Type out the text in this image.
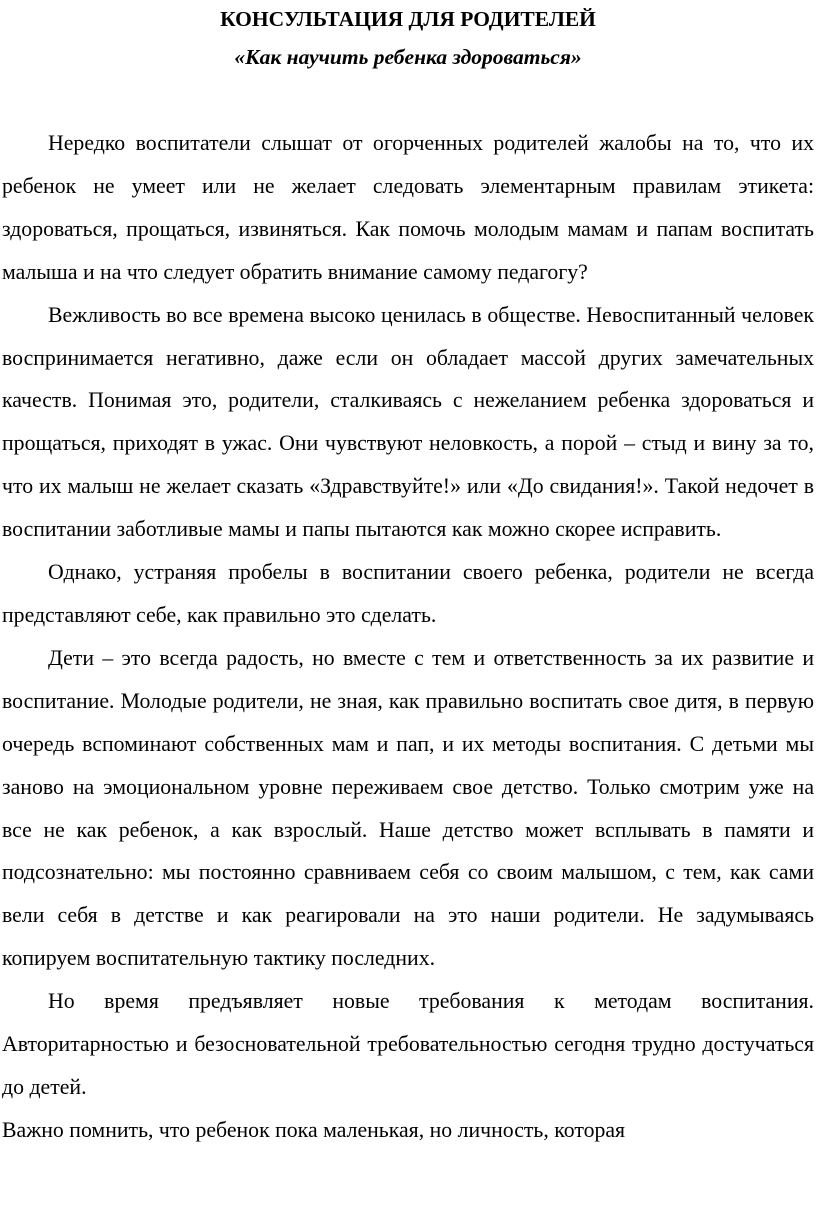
КОНСУЛЬТАЦИЯ ДЛЯ РОДИТЕЛЕЙ
«Как научить ребенка здороваться»

Нередко воспитатели слышат от огорченных родителей жалобы на то, что их ребенок не умеет или не желает следовать элементарным правилам этикета: здороваться, прощаться, извиняться. Как помочь молодым мамам и папам воспитать малыша и на что следует обратить внимание самому педагогу?

Вежливость во все времена высоко ценилась в обществе. Невоспитанный человек воспринимается негативно, даже если он обладает массой других замечательных качеств. Понимая это, родители, сталкиваясь с нежеланием ребенка здороваться и прощаться, приходят в ужас. Они чувствуют неловкость, а порой – стыд и вину за то, что их малыш не желает сказать «Здравствуйте!» или «До свидания!». Такой недочет в воспитании заботливые мамы и папы пытаются как можно скорее исправить.

Однако, устраняя пробелы в воспитании своего ребенка, родители не всегда представляют себе, как правильно это сделать.

Дети – это всегда радость, но вместе с тем и ответственность за их развитие и воспитание. Молодые родители, не зная, как правильно воспитать свое дитя, в первую очередь вспоминают собственных мам и пап, и их методы воспитания. С детьми мы заново на эмоциональном уровне переживаем свое детство. Только смотрим уже на все не как ребенок, а как взрослый. Наше детство может всплывать в памяти и подсознательно: мы постоянно сравниваем себя со своим малышом, с тем, как сами вели себя в детстве и как реагировали на это наши родители. Не задумываясь копируем воспитательную тактику последних.

Но время предъявляет новые требования к методам воспитания. Авторитарностью и безосновательной требовательностью сегодня трудно достучаться до детей.

Важно помнить, что ребенок пока маленькая, но личность, которая
